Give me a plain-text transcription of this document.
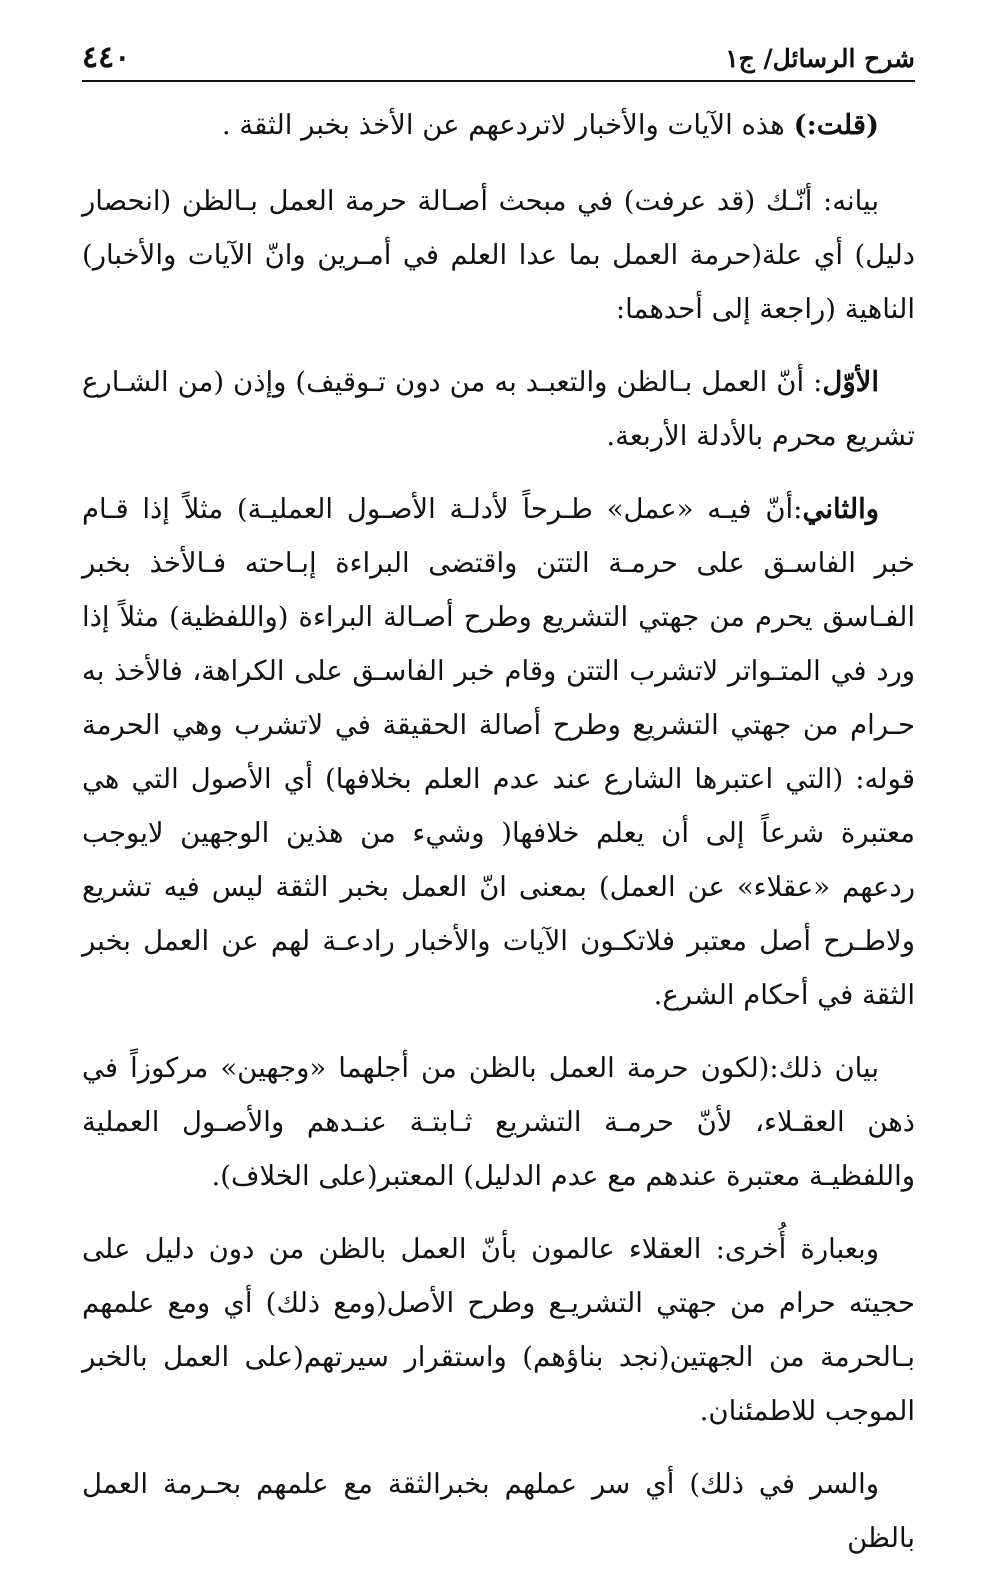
شرح الرسائل/ ج١
٤٤٠

(قلت:) هذه الآيات والأخبار لاتردعهم عن الأخذ بخبر الثقة .

بيانه: أنّـك (قد عرفت) في مبحث أصـالة حرمة العمل بـالظن (انحصار دليل) أي علة(حرمة العمل بما عدا العلم في أمـرين وانّ الآيات والأخبار) الناهية (راجعة إلى أحدهما:

الأوّل: أنّ العمل بـالظن والتعبـد به من دون تـوقيف) وإذن (من الشـارع تشريع محرم بالأدلة الأربعة.

والثاني:أنّ فيـه «عمل» طـرحاً لأدلـة الأصـول العمليـة) مثلاً إذا قـام خبر الفاسـق على حرمـة التتن واقتضى البراءة إبـاحته فـالأخذ بخبر الفـاسق يحرم من جهتي التشريع وطرح أصـالة البراءة (واللفظية) مثلاً إذا ورد في المتـواتر لاتشرب التتن وقام خبر الفاسـق على الكراهة، فالأخذ به حـرام من جهتي التشريع وطرح أصالة الحقيقة في لاتشرب وهي الحرمة قوله: (التي اعتبرها الشارع عند عدم العلم بخلافها) أي الأصول التي هي معتبرة شرعاً إلى أن يعلم خلافها( وشيء من هذين الوجهين لايوجب ردعهم «عقلاء» عن العمل) بمعنى انّ العمل بخبر الثقة ليس فيه تشريع ولاطـرح أصل معتبر فلاتكـون الآيات والأخبار رادعـة لهم عن العمل بخبر الثقة في أحكام الشرع.

بيان ذلك:(لكون حرمة العمل بالظن من أجلهما «وجهين» مركوزاً في ذهن العقـلاء، لأنّ حرمـة التشريع ثـابتـة عنـدهم والأصـول العملية واللفظيـة معتبرة عندهم مع عدم الدليل) المعتبر(على الخلاف).

وبعبارة أُخرى: العقلاء عالمون بأنّ العمل بالظن من دون دليل على حجيته حرام من جهتي التشريـع وطرح الأصل(ومع ذلك) أي ومع علمهم بـالحرمة من الجهتين(نجد بناؤهم) واستقرار سيرتهم(على العمل بالخبر الموجب للاطمئنان.

والسر في ذلك) أي سر عملهم بخبرالثقة مع علمهم بحـرمة العمل بالظن
